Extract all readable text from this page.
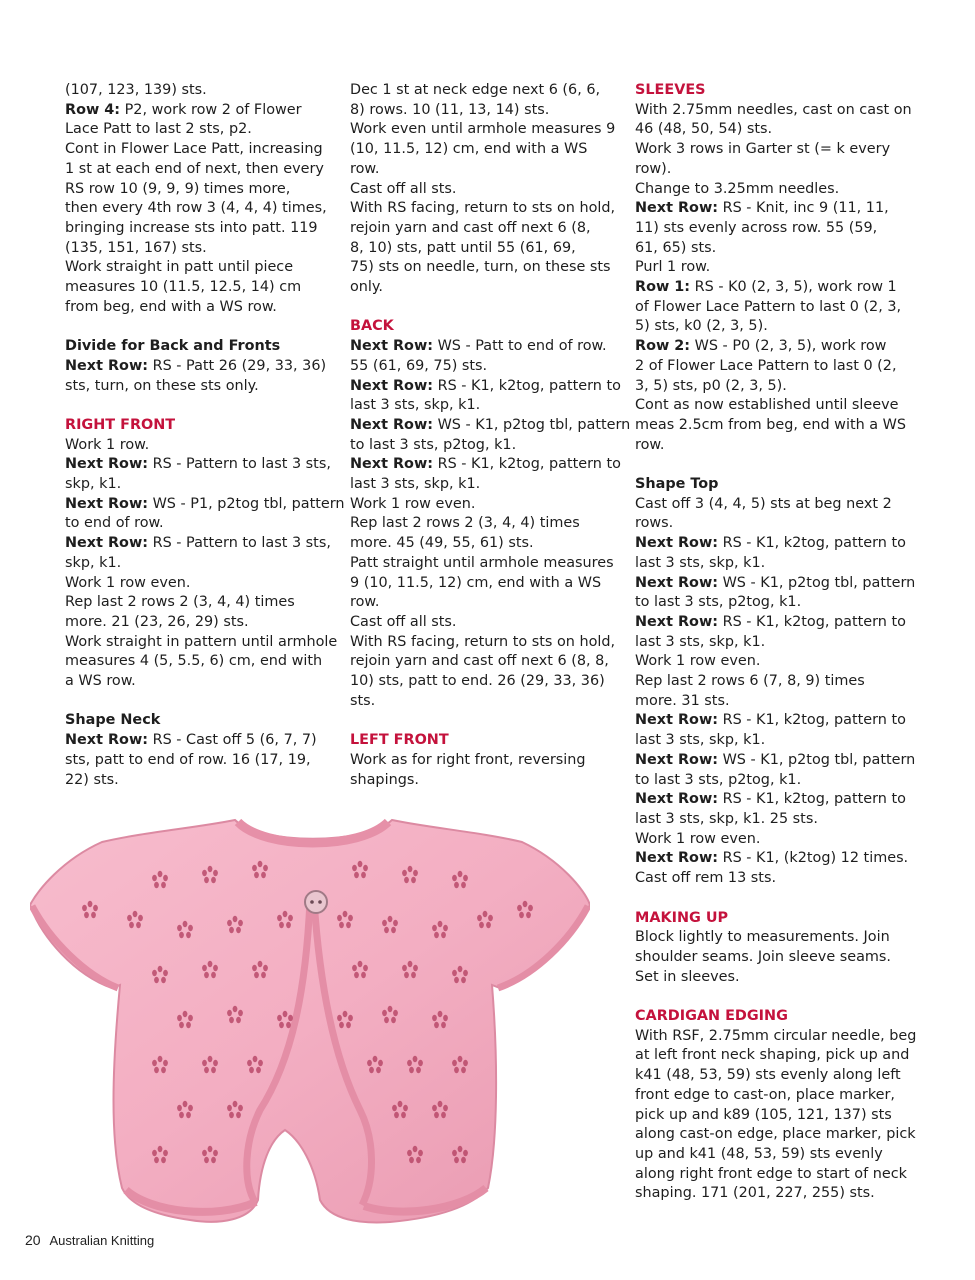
(107, 123, 139) sts.
Row 4: P2, work row 2 of Flower
Lace Patt to last 2 sts, p2.
Cont in Flower Lace Patt, increasing
1 st at each end of next, then every
RS row 10 (9, 9, 9) times more,
then every 4th row 3 (4, 4, 4) times,
bringing increase sts into patt. 119
(135, 151, 167) sts.
Work straight in patt until piece
measures 10 (11.5, 12.5, 14) cm
from beg, end with a WS row.

Divide for Back and Fronts

Next Row: RS - Patt 26 (29, 33, 36)
sts, turn, on these sts only.

RIGHT FRONT

Work 1 row.
Next Row: RS - Pattern to last 3 sts,
skp, k1.
Next Row: WS - P1, p2tog tbl, pattern
to end of row.
Next Row: RS - Pattern to last 3 sts,
skp, k1.
Work 1 row even.
Rep last 2 rows 2 (3, 4, 4) times
more. 21 (23, 26, 29) sts.
Work straight in pattern until armhole
measures 4 (5, 5.5, 6) cm, end with
a WS row.

Shape Neck

Next Row: RS - Cast off 5 (6, 7, 7)
sts, patt to end of row. 16 (17, 19,
22) sts.

Dec 1 st at neck edge next 6 (6, 6,
8) rows. 10 (11, 13, 14) sts.
Work even until armhole measures 9
(10, 11.5, 12) cm, end with a WS
row.
Cast off all sts.
With RS facing, return to sts on hold,
rejoin yarn and cast off next 6 (8,
8, 10) sts, patt until 55 (61, 69,
75) sts on needle, turn, on these sts
only.

BACK

Next Row: WS - Patt to end of row.
55 (61, 69, 75) sts.
Next Row: RS - K1, k2tog, pattern to
last 3 sts, skp, k1.
Next Row: WS - K1, p2tog tbl, pattern
to last 3 sts, p2tog, k1.
Next Row: RS - K1, k2tog, pattern to
last 3 sts, skp, k1.
Work 1 row even.
Rep last 2 rows 2 (3, 4, 4) times
more. 45 (49, 55, 61) sts.
Patt straight until armhole measures
9 (10, 11.5, 12) cm, end with a WS
row.
Cast off all sts.
With RS facing, return to sts on hold,
rejoin yarn and cast off next 6 (8, 8,
10) sts, patt to end. 26 (29, 33, 36)
sts.

LEFT FRONT

Work as for right front, reversing
shapings.

SLEEVES

With 2.75mm needles, cast on cast on
46 (48, 50, 54) sts.
Work 3 rows in Garter st (= k every
row).
Change to 3.25mm needles.
Next Row: RS - Knit, inc 9 (11, 11,
11) sts evenly across row. 55 (59,
61, 65) sts.
Purl 1 row.
Row 1: RS - K0 (2, 3, 5), work row 1
of Flower Lace Pattern to last 0 (2, 3,
5) sts, k0 (2, 3, 5).
Row 2: WS - P0 (2, 3, 5), work row
2 of Flower Lace Pattern to last 0 (2,
3, 5) sts, p0 (2, 3, 5).
Cont as now established until sleeve
meas 2.5cm from beg, end with a WS
row.

Shape Top

Cast off 3 (4, 4, 5) sts at beg next 2
rows.
Next Row: RS - K1, k2tog, pattern to
last 3 sts, skp, k1.
Next Row: WS - K1, p2tog tbl, pattern
to last 3 sts, p2tog, k1.
Next Row: RS - K1, k2tog, pattern to
last 3 sts, skp, k1.
Work 1 row even.
Rep last 2 rows 6 (7, 8, 9) times
more. 31 sts.
Next Row: RS - K1, k2tog, pattern to
last 3 sts, skp, k1.
Next Row: WS - K1, p2tog tbl, pattern
to last 3 sts, p2tog, k1.
Next Row: RS - K1, k2tog, pattern to
last 3 sts, skp, k1. 25 sts.
Work 1 row even.
Next Row: RS - K1, (k2tog) 12 times.
Cast off rem 13 sts.

MAKING UP

Block lightly to measurements. Join
shoulder seams. Join sleeve seams.
Set in sleeves.

CARDIGAN EDGING

With RSF, 2.75mm circular needle, beg
at left front neck shaping, pick up and
k41 (48, 53, 59) sts evenly along left
front edge to cast-on, place marker,
pick up and k89 (105, 121, 137) sts
along cast-on edge, place marker, pick
up and k41 (48, 53, 59) sts evenly
along right front edge to start of neck
shaping. 171 (201, 227, 255) sts.

20 Australian Knitting
